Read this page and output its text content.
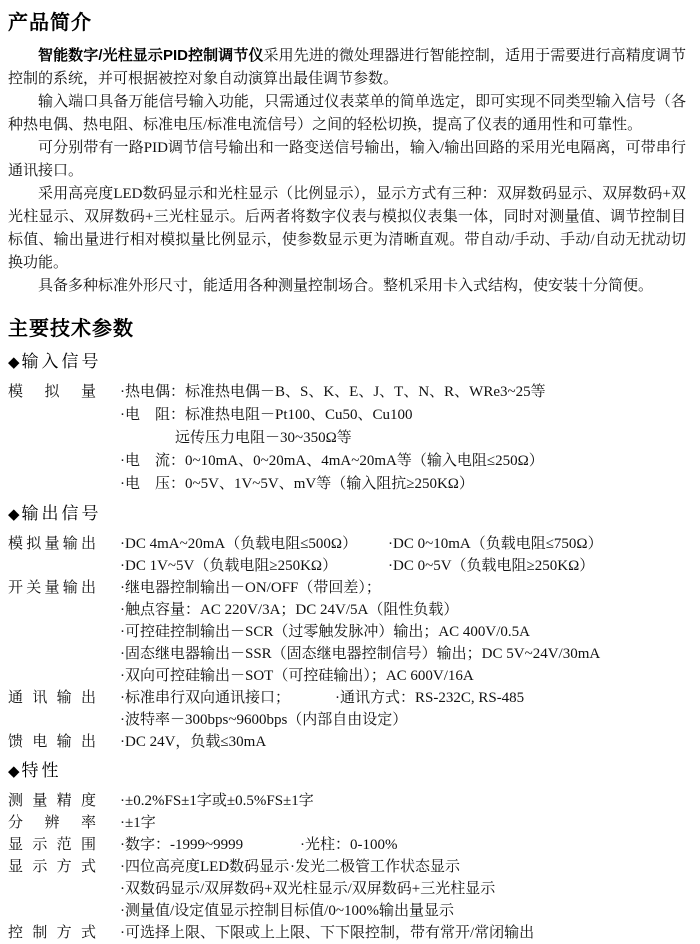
产品简介

智能数字/光柱显示PID控制调节仪采用先进的微处理器进行智能控制，适用于需要进行高精度调节控制的系统，并可根据被控对象自动演算出最佳调节参数。

输入端口具备万能信号输入功能，只需通过仪表菜单的简单选定，即可实现不同类型输入信号（各种热电偶、热电阻、标准电压/标准电流信号）之间的轻松切换，提高了仪表的通用性和可靠性。

可分别带有一路PID调节信号输出和一路变送信号输出，输入/输出回路的采用光电隔离，可带串行通讯接口。

采用高亮度LED数码显示和光柱显示（比例显示），显示方式有三种：双屏数码显示、双屏数码+双光柱显示、双屏数码+三光柱显示。后两者将数字仪表与模拟仪表集一体，同时对测量值、调节控制目标值、输出量进行相对模拟量比例显示，使参数显示更为清晰直观。带自动/手动、手动/自动无扰动切换功能。

具备多种标准外形尺寸，能适用各种测量控制场合。整机采用卡入式结构，使安装十分简便。

主要技术参数
◆ 输入信号
模拟量 ·热电偶：标准热电偶－B、S、K、E、J、T、N、R、WRe3~25等
·电　阻：标准热电阻－Pt100、Cu50、Cu100
远传压力电阻－30~350Ω等
·电　流：0~10mA、0~20mA、4mA~20mA等（输入电阻≤250Ω）
·电　压：0~5V、1V~5V、mV等（输入阻抗≥250KΩ）
◆ 输出信号
模拟量输出 ·DC 4mA~20mA（负载电阻≤500Ω） ·DC 0~10mA（负载电阻≤750Ω）
·DC 1V~5V（负载电阻≥250KΩ）	·DC 0~5V（负载电阻≥250KΩ）
开关量输出 ·继电器控制输出－ON/OFF（带回差）；
·触点容量：AC 220V/3A；DC 24V/5A（阻性负载）
·可控硅控制输出－SCR（过零触发脉冲）输出；AC 400V/0.5A
·固态继电器输出－SSR（固态继电器控制信号）输出；DC 5V~24V/30mA
·双向可控硅输出－SOT（可控硅输出）；AC 600V/16A
通讯输出 ·标准串行双向通讯接口；	·通讯方式：RS-232C, RS-485
·波特率－300bps~9600bps（内部自由设定）
馈电输出 ·DC 24V，负载≤30mA
◆ 特性
测量精度 ·±0.2%FS±1字或±0.5%FS±1字
分辨率 ·±1字
显示范围 ·数字：-1999~9999	·光柱：0-100%
显示方式 ·四位高亮度LED数码显示 ·发光二极管工作状态显示
·双数码显示/双屏数码+双光柱显示/双屏数码+三光柱显示
·测量值/设定值显示控制目标值/0~100%输出量显示
控制方式 ·可选择上限、下限或上上限、下下限控制，带有常开/常闭输出
